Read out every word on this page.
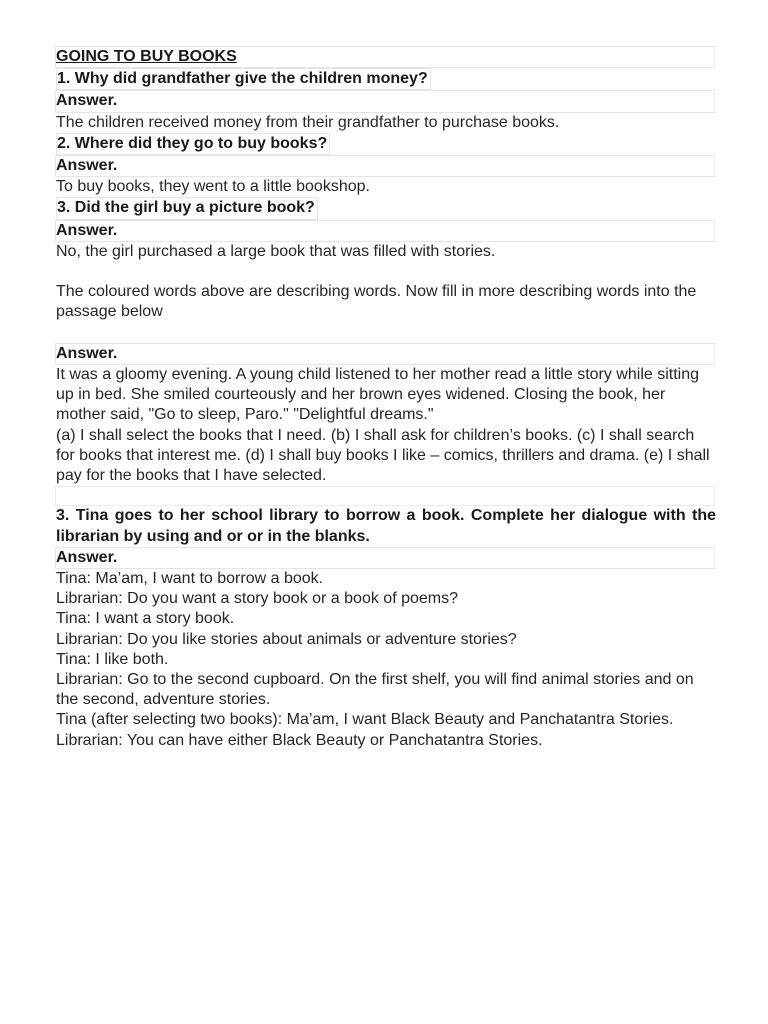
GOING TO BUY BOOKS
1. Why did grandfather give the children money?
Answer.
The children received money from their grandfather to purchase books.
2. Where did they go to buy books?
Answer.
To buy books, they went to a little bookshop.
3. Did the girl buy a picture book?
Answer.
No, the girl purchased a large book that was filled with stories.
The coloured words above are describing words. Now fill in more describing words into the passage below
Answer.
It was a gloomy evening. A young child listened to her mother read a little story while sitting up in bed. She smiled courteously and her brown eyes widened. Closing the book, her mother said, "Go to sleep, Paro." "Delightful dreams."
(a) I shall select the books that I need. (b) I shall ask for children’s books. (c) I shall search for books that interest me. (d) I shall buy books I like – comics, thrillers and drama. (e) I shall pay for the books that I have selected.
3. Tina goes to her school library to borrow a book. Complete her dialogue with the librarian by using and or or in the blanks.
Answer.
Tina: Ma’am, I want to borrow a book.
Librarian: Do you want a story book or a book of poems?
Tina: I want a story book.
Librarian: Do you like stories about animals or adventure stories?
Tina: I like both.
Librarian: Go to the second cupboard. On the first shelf, you will find animal stories and on the second, adventure stories.
Tina (after selecting two books): Ma’am, I want Black Beauty and Panchatantra Stories.
Librarian: You can have either Black Beauty or Panchatantra Stories.
